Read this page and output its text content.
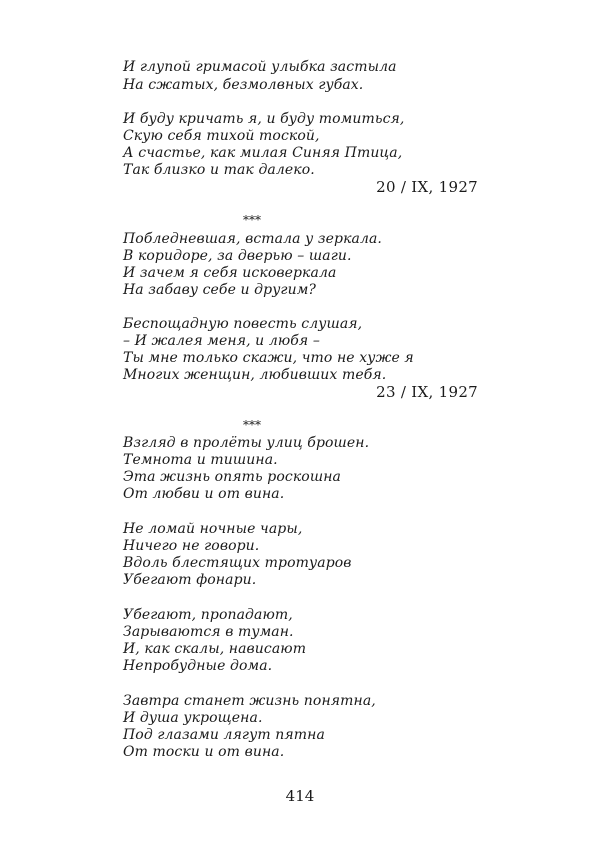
И глупой гримасой улыбка застыла
На сжатых, безмолвных губах.
И буду кричать я, и буду томиться,
Скую себя тихой тоской,
А счастье, как милая Синяя Птица,
Так близко и так далеко.
20 / IX, 1927
***
Побледневшая, встала у зеркала.
В коридоре, за дверью – шаги.
И зачем я себя исковеркала
На забаву себе и другим?
Беспощадную повесть слушая,
– И жалея меня, и любя –
Ты мне только скажи, что не хуже я
Многих женщин, любивших тебя.
23 / IX, 1927
***
Взгляд в пролёты улиц брошен.
Темнота и тишина.
Эта жизнь опять роскошна
От любви и от вина.
Не ломай ночные чары,
Ничего не говори.
Вдоль блестящих тротуаров
Убегают фонари.
Убегают, пропадают,
Зарываются в туман.
И, как скалы, нависают
Непробудные дома.
Завтра станет жизнь понятна,
И душа укрощена.
Под глазами лягут пятна
От тоски и от вина.
414
